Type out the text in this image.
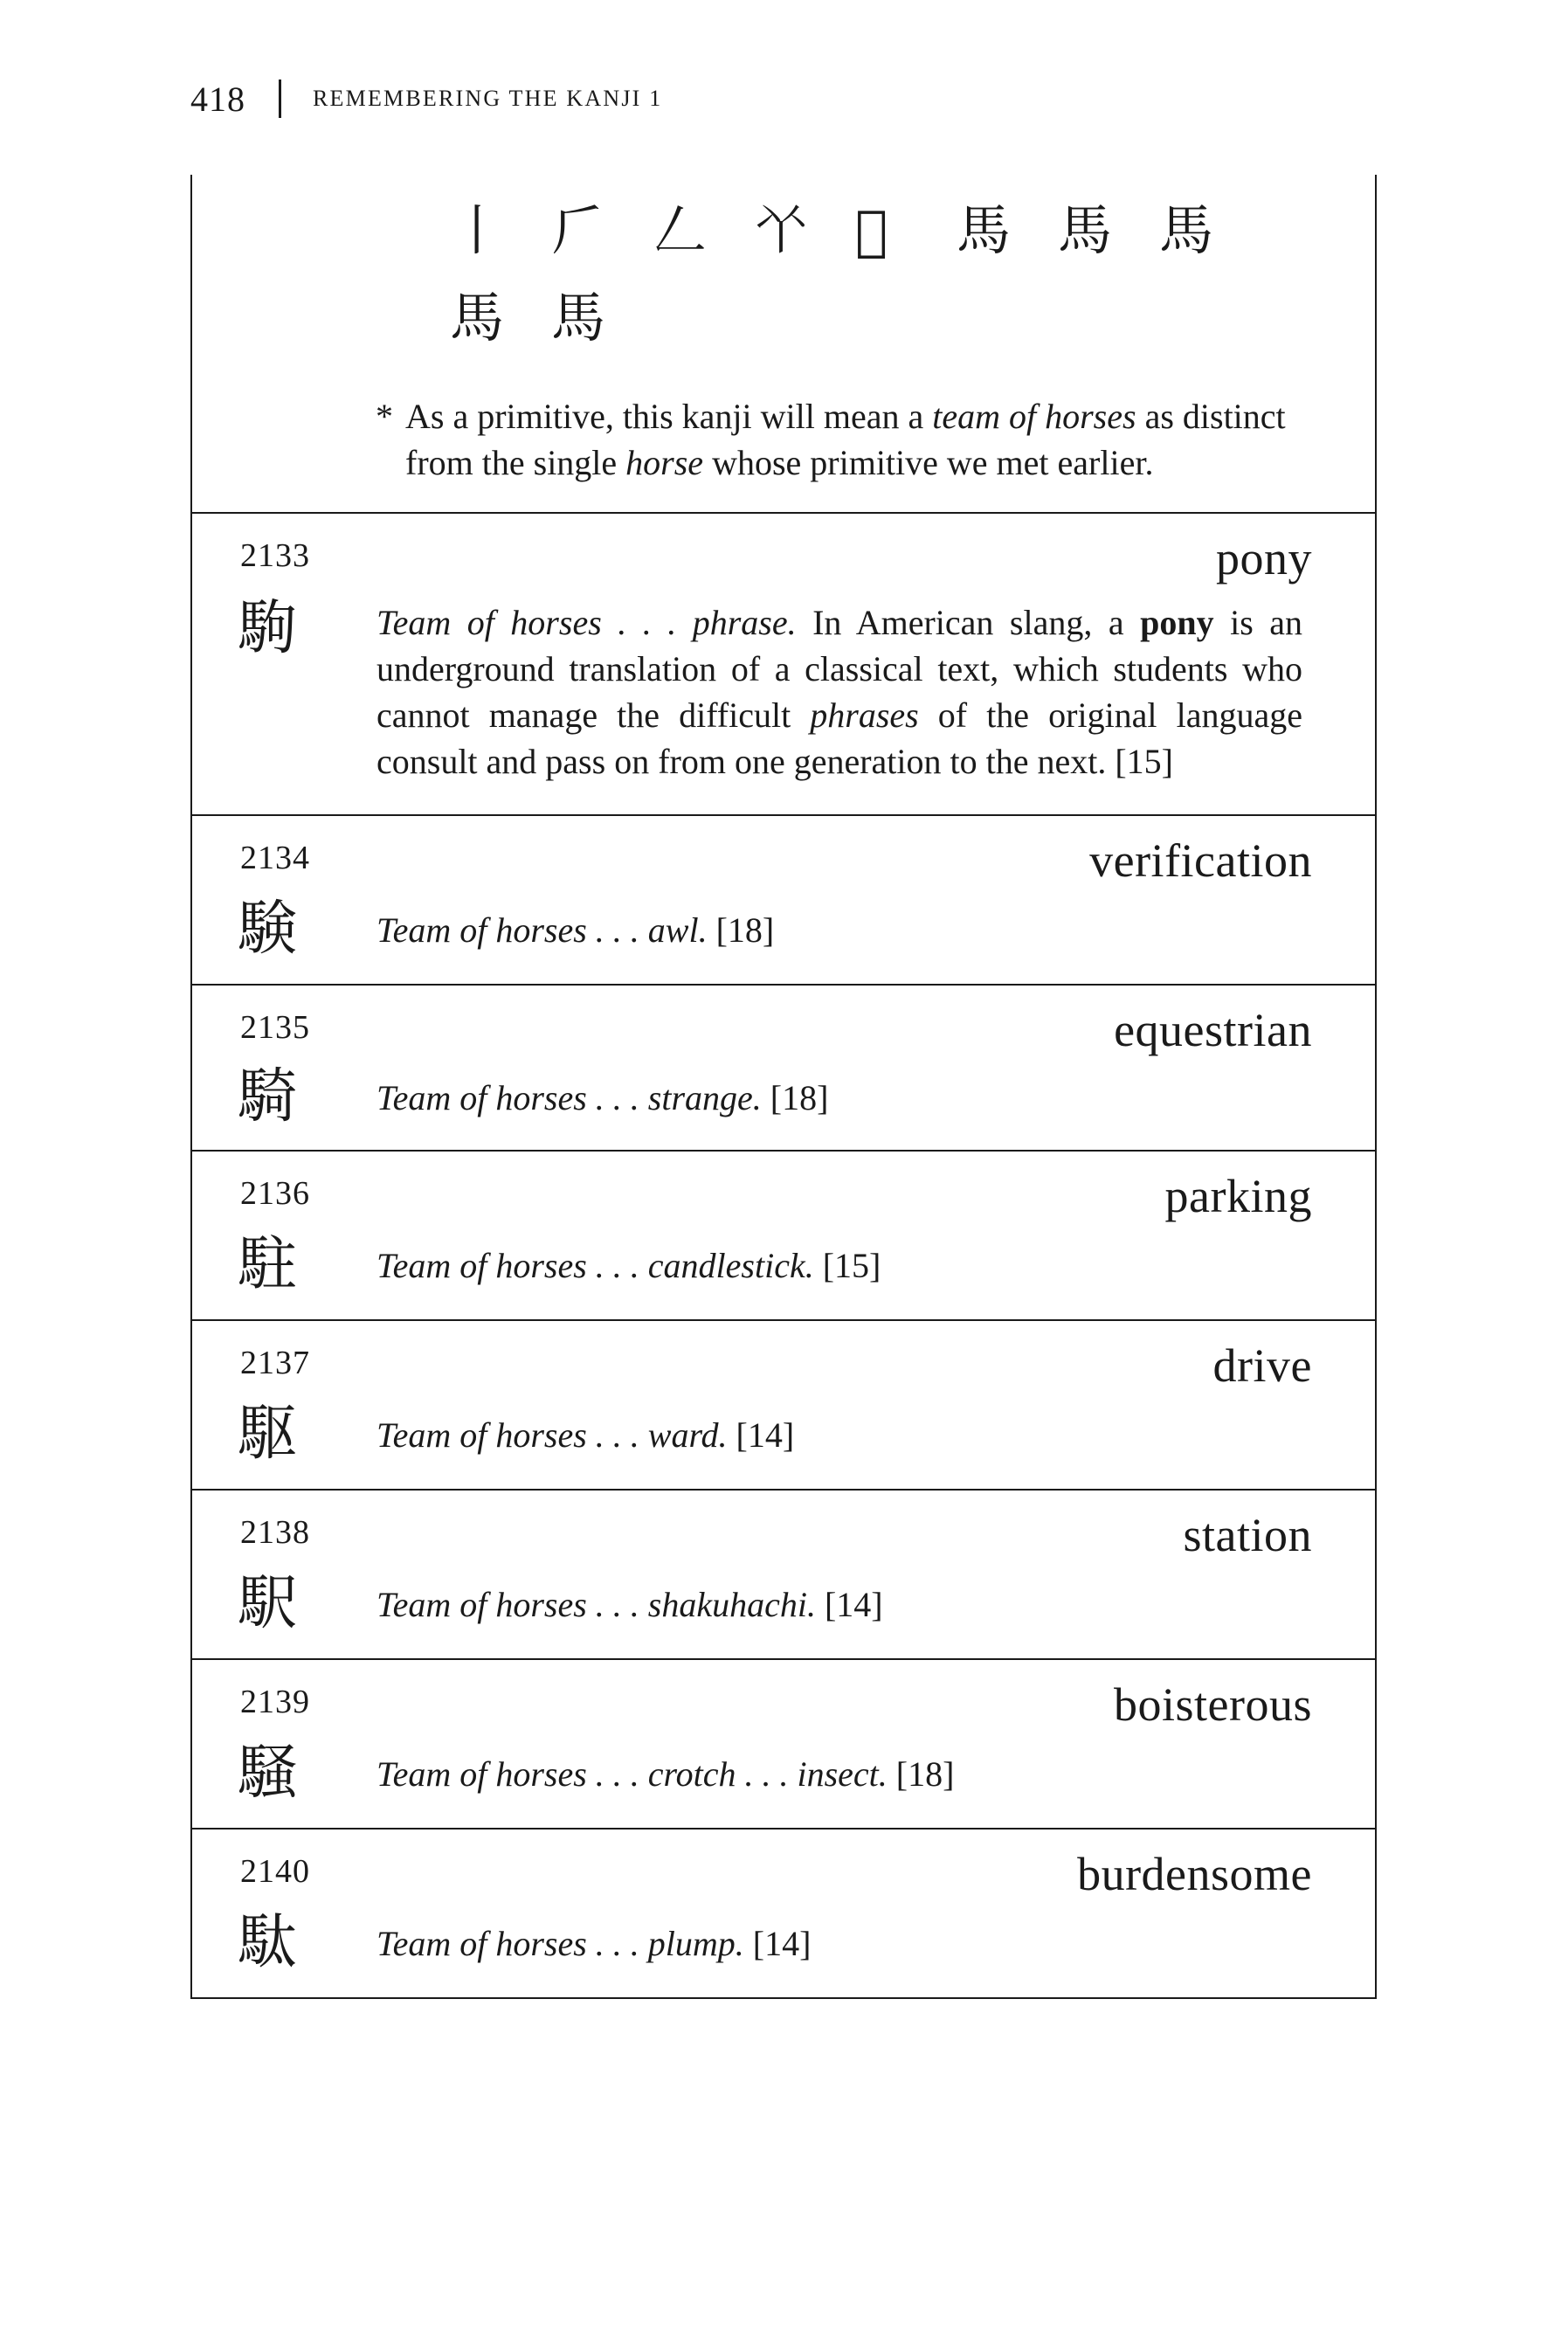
418	REMEMBERING THE KANJI 1
丨 𠂆 𠃋 𠁥 𠂡	馬 馬 馬
馬 馬
* As a primitive, this kanji will mean a team of horses as distinct from the single horse whose primitive we met earlier.
2133	pony
駒 Team of horses . . . phrase. In American slang, a pony is an underground translation of a classical text, which students who cannot manage the difficult phrases of the original language consult and pass on from one generation to the next. [15]
2134	verification
験 Team of horses . . . awl. [18]
2135	equestrian
騎 Team of horses . . . strange. [18]
2136	parking
駐 Team of horses . . . candlestick. [15]
2137	drive
駆 Team of horses . . . ward. [14]
2138	station
駅 Team of horses . . . shakuhachi. [14]
2139	boisterous
騒 Team of horses . . . crotch . . . insect. [18]
2140	burdensome
駄 Team of horses . . . plump. [14]
